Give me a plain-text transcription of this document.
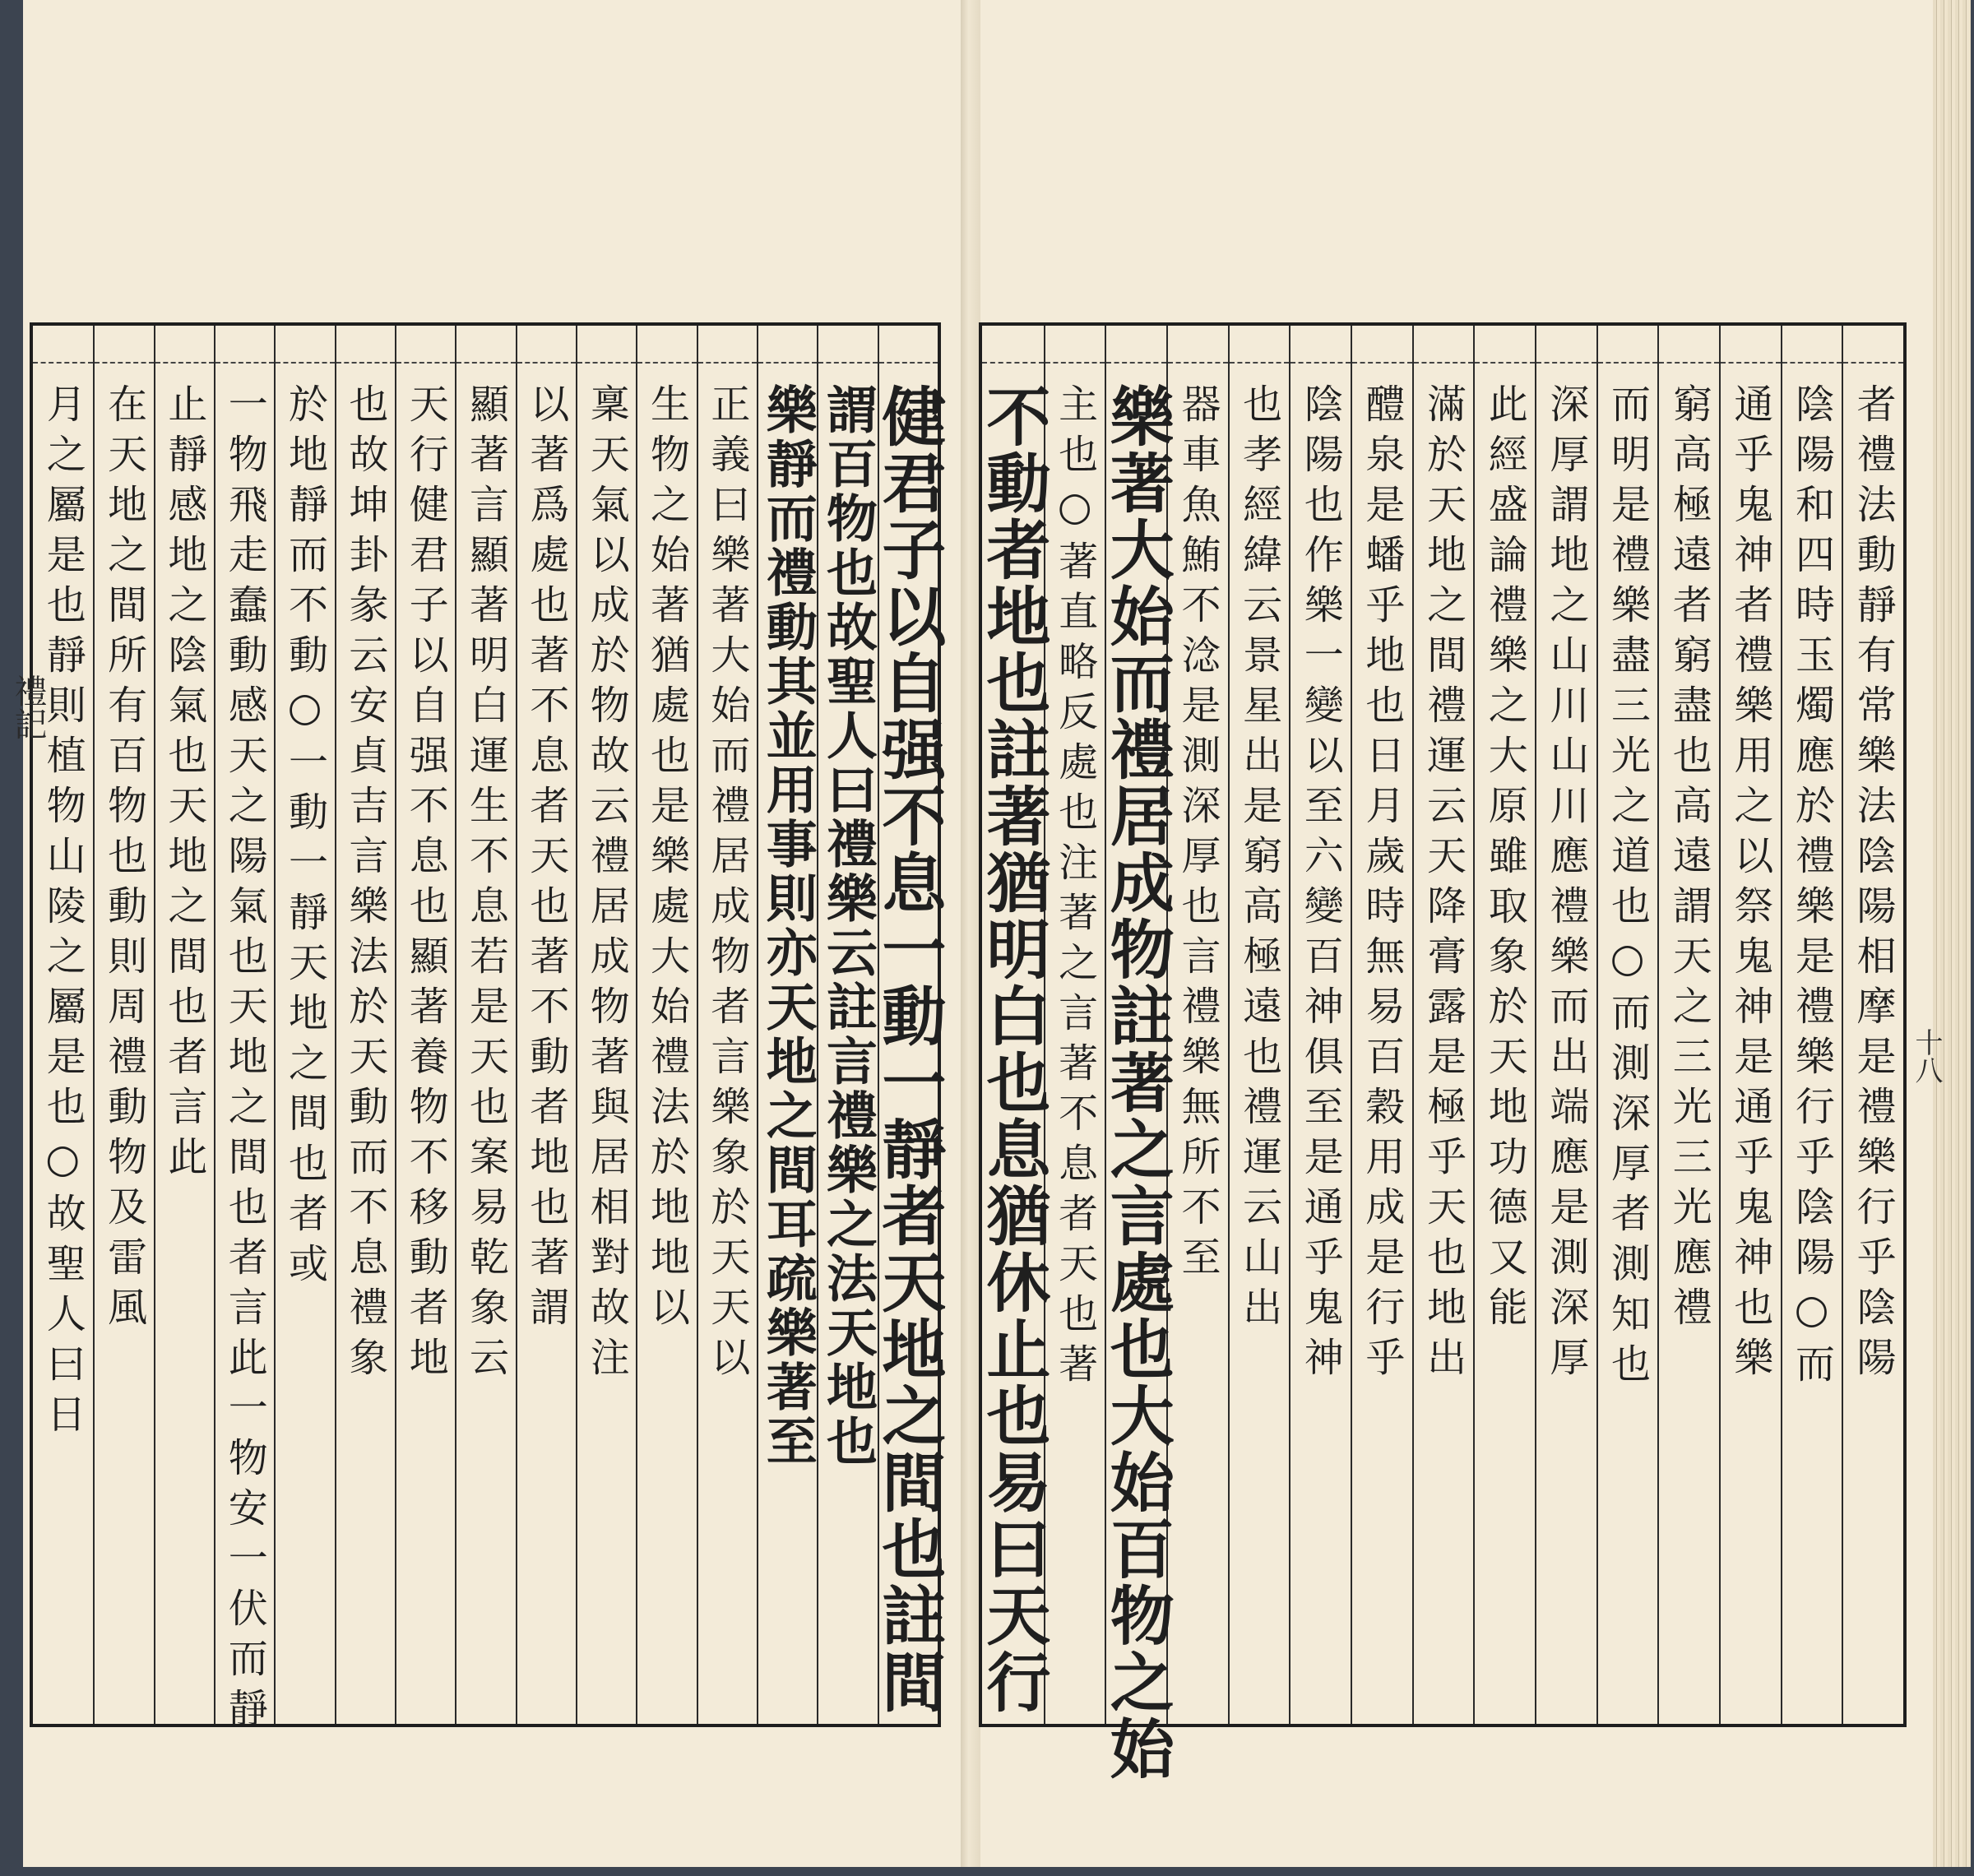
健君子以自强不息一動一靜者天地之間也註間
謂百物也故聖人曰禮樂云註言禮樂之法天地也
樂靜而禮動其並用事則亦天地之間耳疏樂著至
正義曰樂著大始而禮居成物者言樂象於天天以
生物之始著猶處也是樂處大始禮法於地地以
稟天氣以成於物故云禮居成物著與居相對故注
以著爲處也著不息者天也著不動者地也著謂
顯著言顯著明白運生不息若是天也案易乾象云
天行健君子以自强不息也顯著養物不移動者地
也故坤卦彖云安貞吉言樂法於天動而不息禮象
於地靜而不動○一動一靜天地之間也者或
一物飛走蠢動感天之陽氣也天地之間也者言此一物安一伏而靜
止靜感地之陰氣也天地之間也者言此
在天地之間所有百物也動則周禮動物及雷風
月之屬是也靜則植物山陵之屬是也○故聖人曰日	者禮法動靜有常樂法陰陽相摩是禮樂行乎陰陽
陰陽和四時玉燭應於禮樂是禮樂行乎陰陽○而
通乎鬼神者禮樂用之以祭鬼神是通乎鬼神也樂
窮高極遠者窮盡也高遠謂天之三光三光應禮
而明是禮樂盡三光之道也○而測深厚者測知也
深厚謂地之山川山川應禮樂而出端應是測深厚
此經盛論禮樂之大原雖取象於天地功德又能
滿於天地之間禮運云天降膏露是極乎天也地出
醴泉是蟠乎地也日月歲時無易百穀用成是行乎
陰陽也作樂一變以至六變百神俱至是通乎鬼神
也孝經緯云景星出是窮高極遠也禮運云山出
器車魚鮪不淰是測深厚也言禮樂無所不至
樂著大始而禮居成物註著之言處也大始百物之始
主也○著直略反處也注著之言著不息者天也著
不動者地也註著猶明白也息猶休止也易曰天行
禮記
十八
